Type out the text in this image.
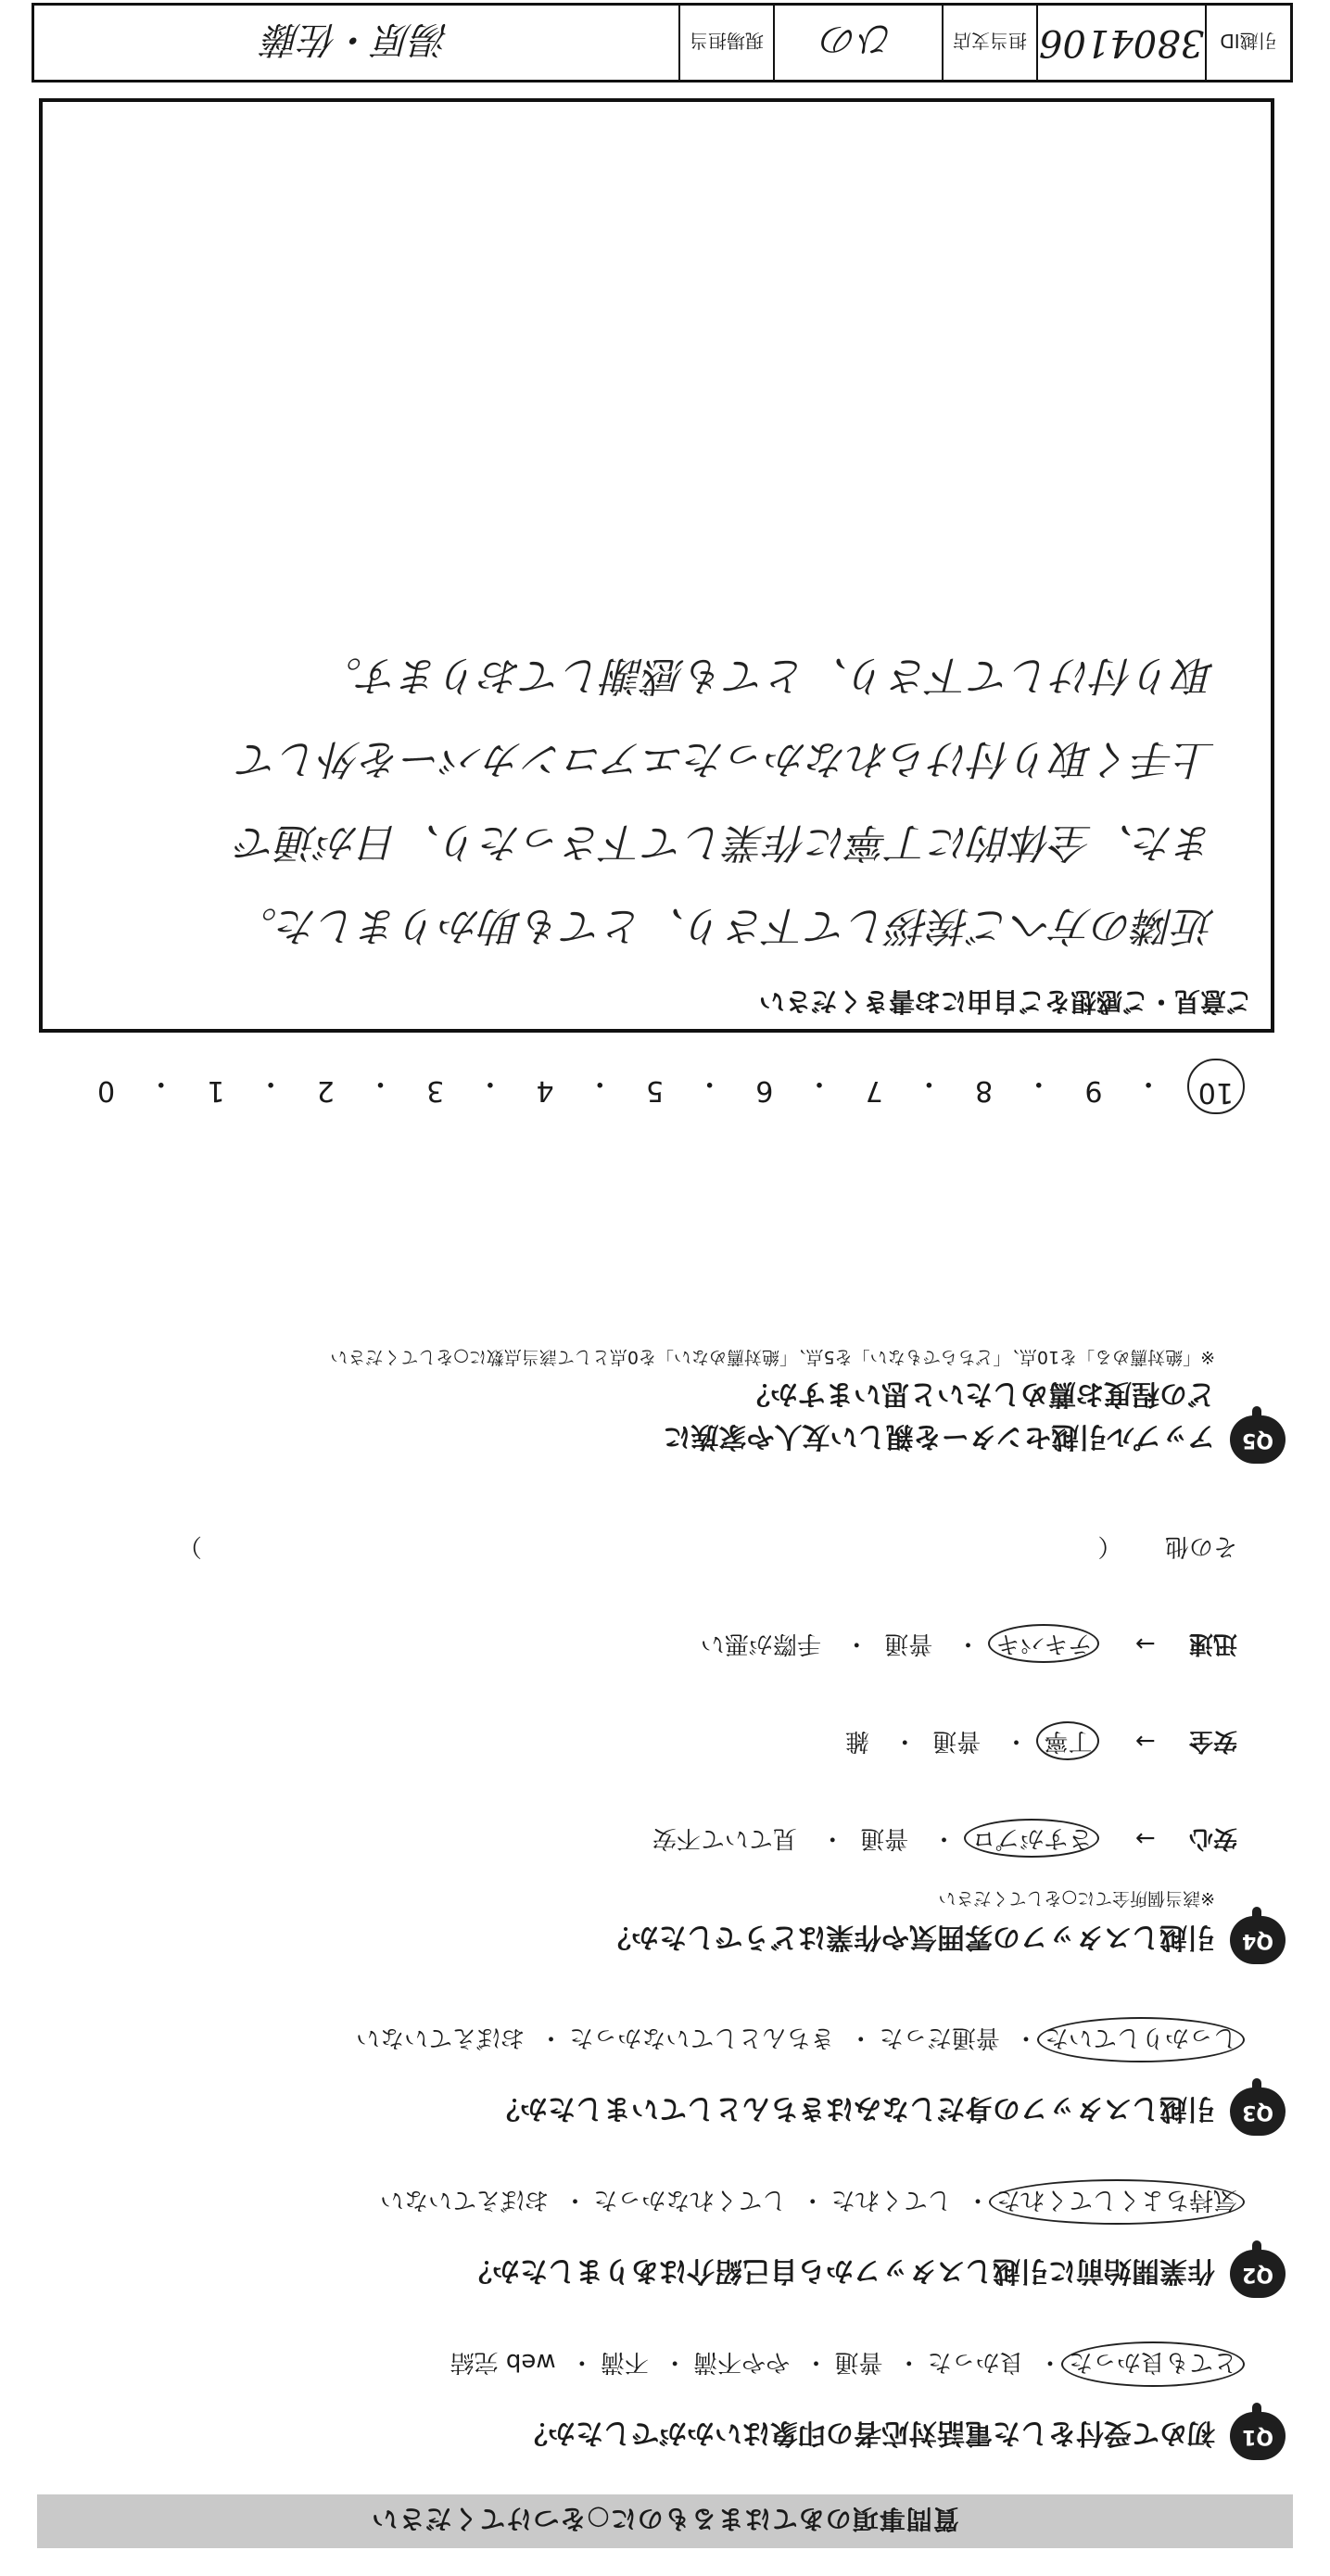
質問事項のあてはまるものに○をつけてください
Q1
初めて受付をした電話対応者の印象はいかがでしたか？
とても良かった・ 良かった・ 普通・ やや不満・ 不満・ web 完結
Q2
作業開始前に引越しスタッフから自己紹介はありましたか？
気持ちよくしてくれた・ してくれた・ してくれなかった・ おぼえていない
Q3
引越しスタッフの身だしなみはきちんとしていましたか？
しっかりしていた・ 普通だった・ きちんとしていなかった・ おぼえていない
Q4
引越しスタッフの雰囲気や作業はどうでしたか？
※該当個所全てに○をしてください
安心 → さすがプロ・ 普通・ 見ていて不安
安全 → 丁寧・ 普通・ 雑
迅速 → テキパキ・ 普通・ 手際が悪い
その他  （  ）
Q5
アップル引越センターを親しい友人や家族に
どの程度お薦めしたいと思いますか？
※「絶対薦める」を10点、「どちらでもない」を5点、「絶対薦めない」を0点として該当点数に○をしてください
10
・
9
・
8
・
7
・
6
・
5
・
4
・
3
・
2
・
1
・
0
ご意見・ご感想をご自由にお書きください
近隣の方へご挨拶して下さり、とても助かりました。
また、全体的に丁寧に作業して下さったり、日が通で
上手く取り付けられなかったエアコンカバーを外して
取り付けして下さり、とても感謝しております。
引越ID
3804106
担当支店
ひの
現場担当
湯原・佐藤
